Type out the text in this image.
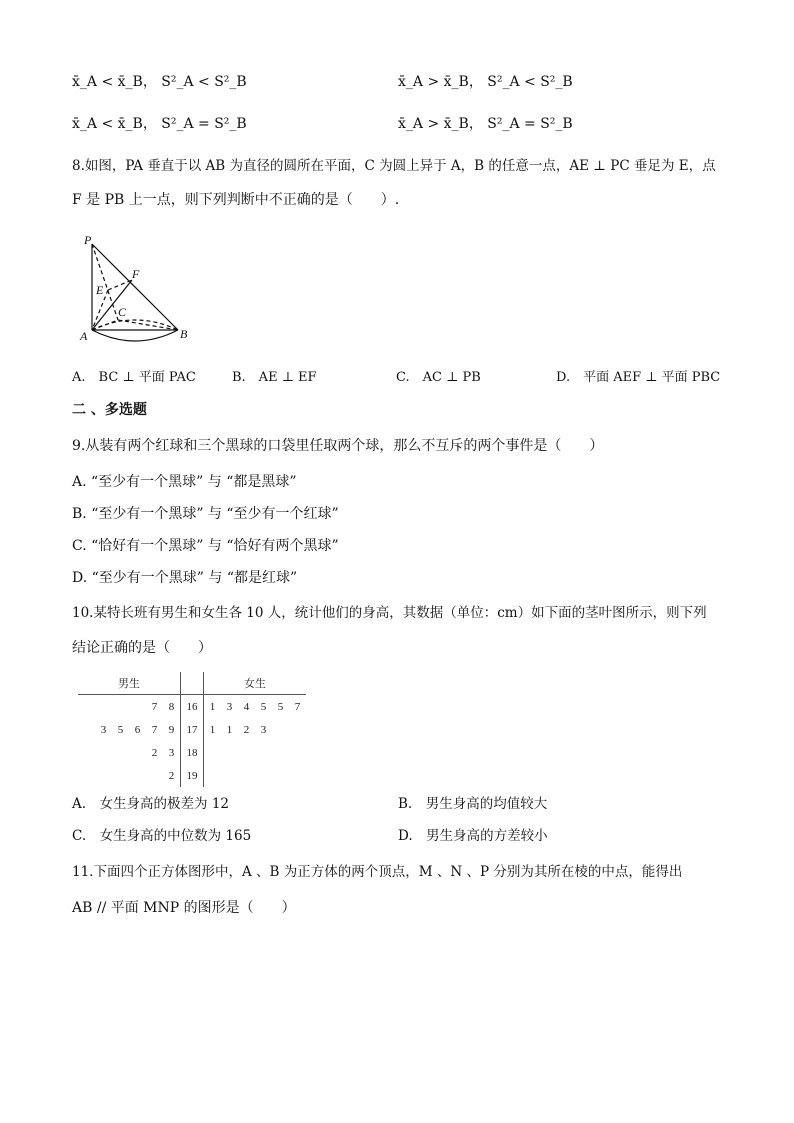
x̄_A < x̄_B， S²_A < S²_B	x̄_A > x̄_B， S²_A < S²_B
x̄_A < x̄_B， S²_A = S²_B	x̄_A > x̄_B， S²_A = S²_B
8.如图，PA 垂直于以 AB 为直径的圆所在平面，C 为圆上异于 A，B 的任意一点，AE ⊥ PC 垂足为 E，点
F 是 PB 上一点，则下列判断中不正确的是（　　）.
P
F
E
C
A	B
A.　BC ⊥ 平面 PAC	B.　AE ⊥ EF	C.　AC ⊥ PB	D.　平面 AEF ⊥ 平面 PBC
二 、多选题
9.从装有两个红球和三个黑球的口袋里任取两个球，那么不互斥的两个事件是（　　）
A. “至少有一个黑球” 与 “都是黑球”
B. “至少有一个黑球” 与 “至少有一个红球”
C. “恰好有一个黑球” 与 “恰好有两个黑球”
D. “至少有一个黑球” 与 “都是红球”
10.某特长班有男生和女生各 10 人，统计他们的身高，其数据（单位：cm）如下面的茎叶图所示，则下列
结论正确的是（　　）
男生							女生					
				7	8	16	1	3	4	5	5	7
	3	5	6	7	9	17	1	1	2	3		
				2	3	18						
					2	19						
A.　女生身高的极差为 12	B.　男生身高的均值较大
C.　女生身高的中位数为 165	D.　男生身高的方差较小
11.下面四个正方体图形中，A 、B 为正方体的两个顶点，M 、N 、P 分别为其所在棱的中点，能得出
AB // 平面 MNP 的图形是（　　）
